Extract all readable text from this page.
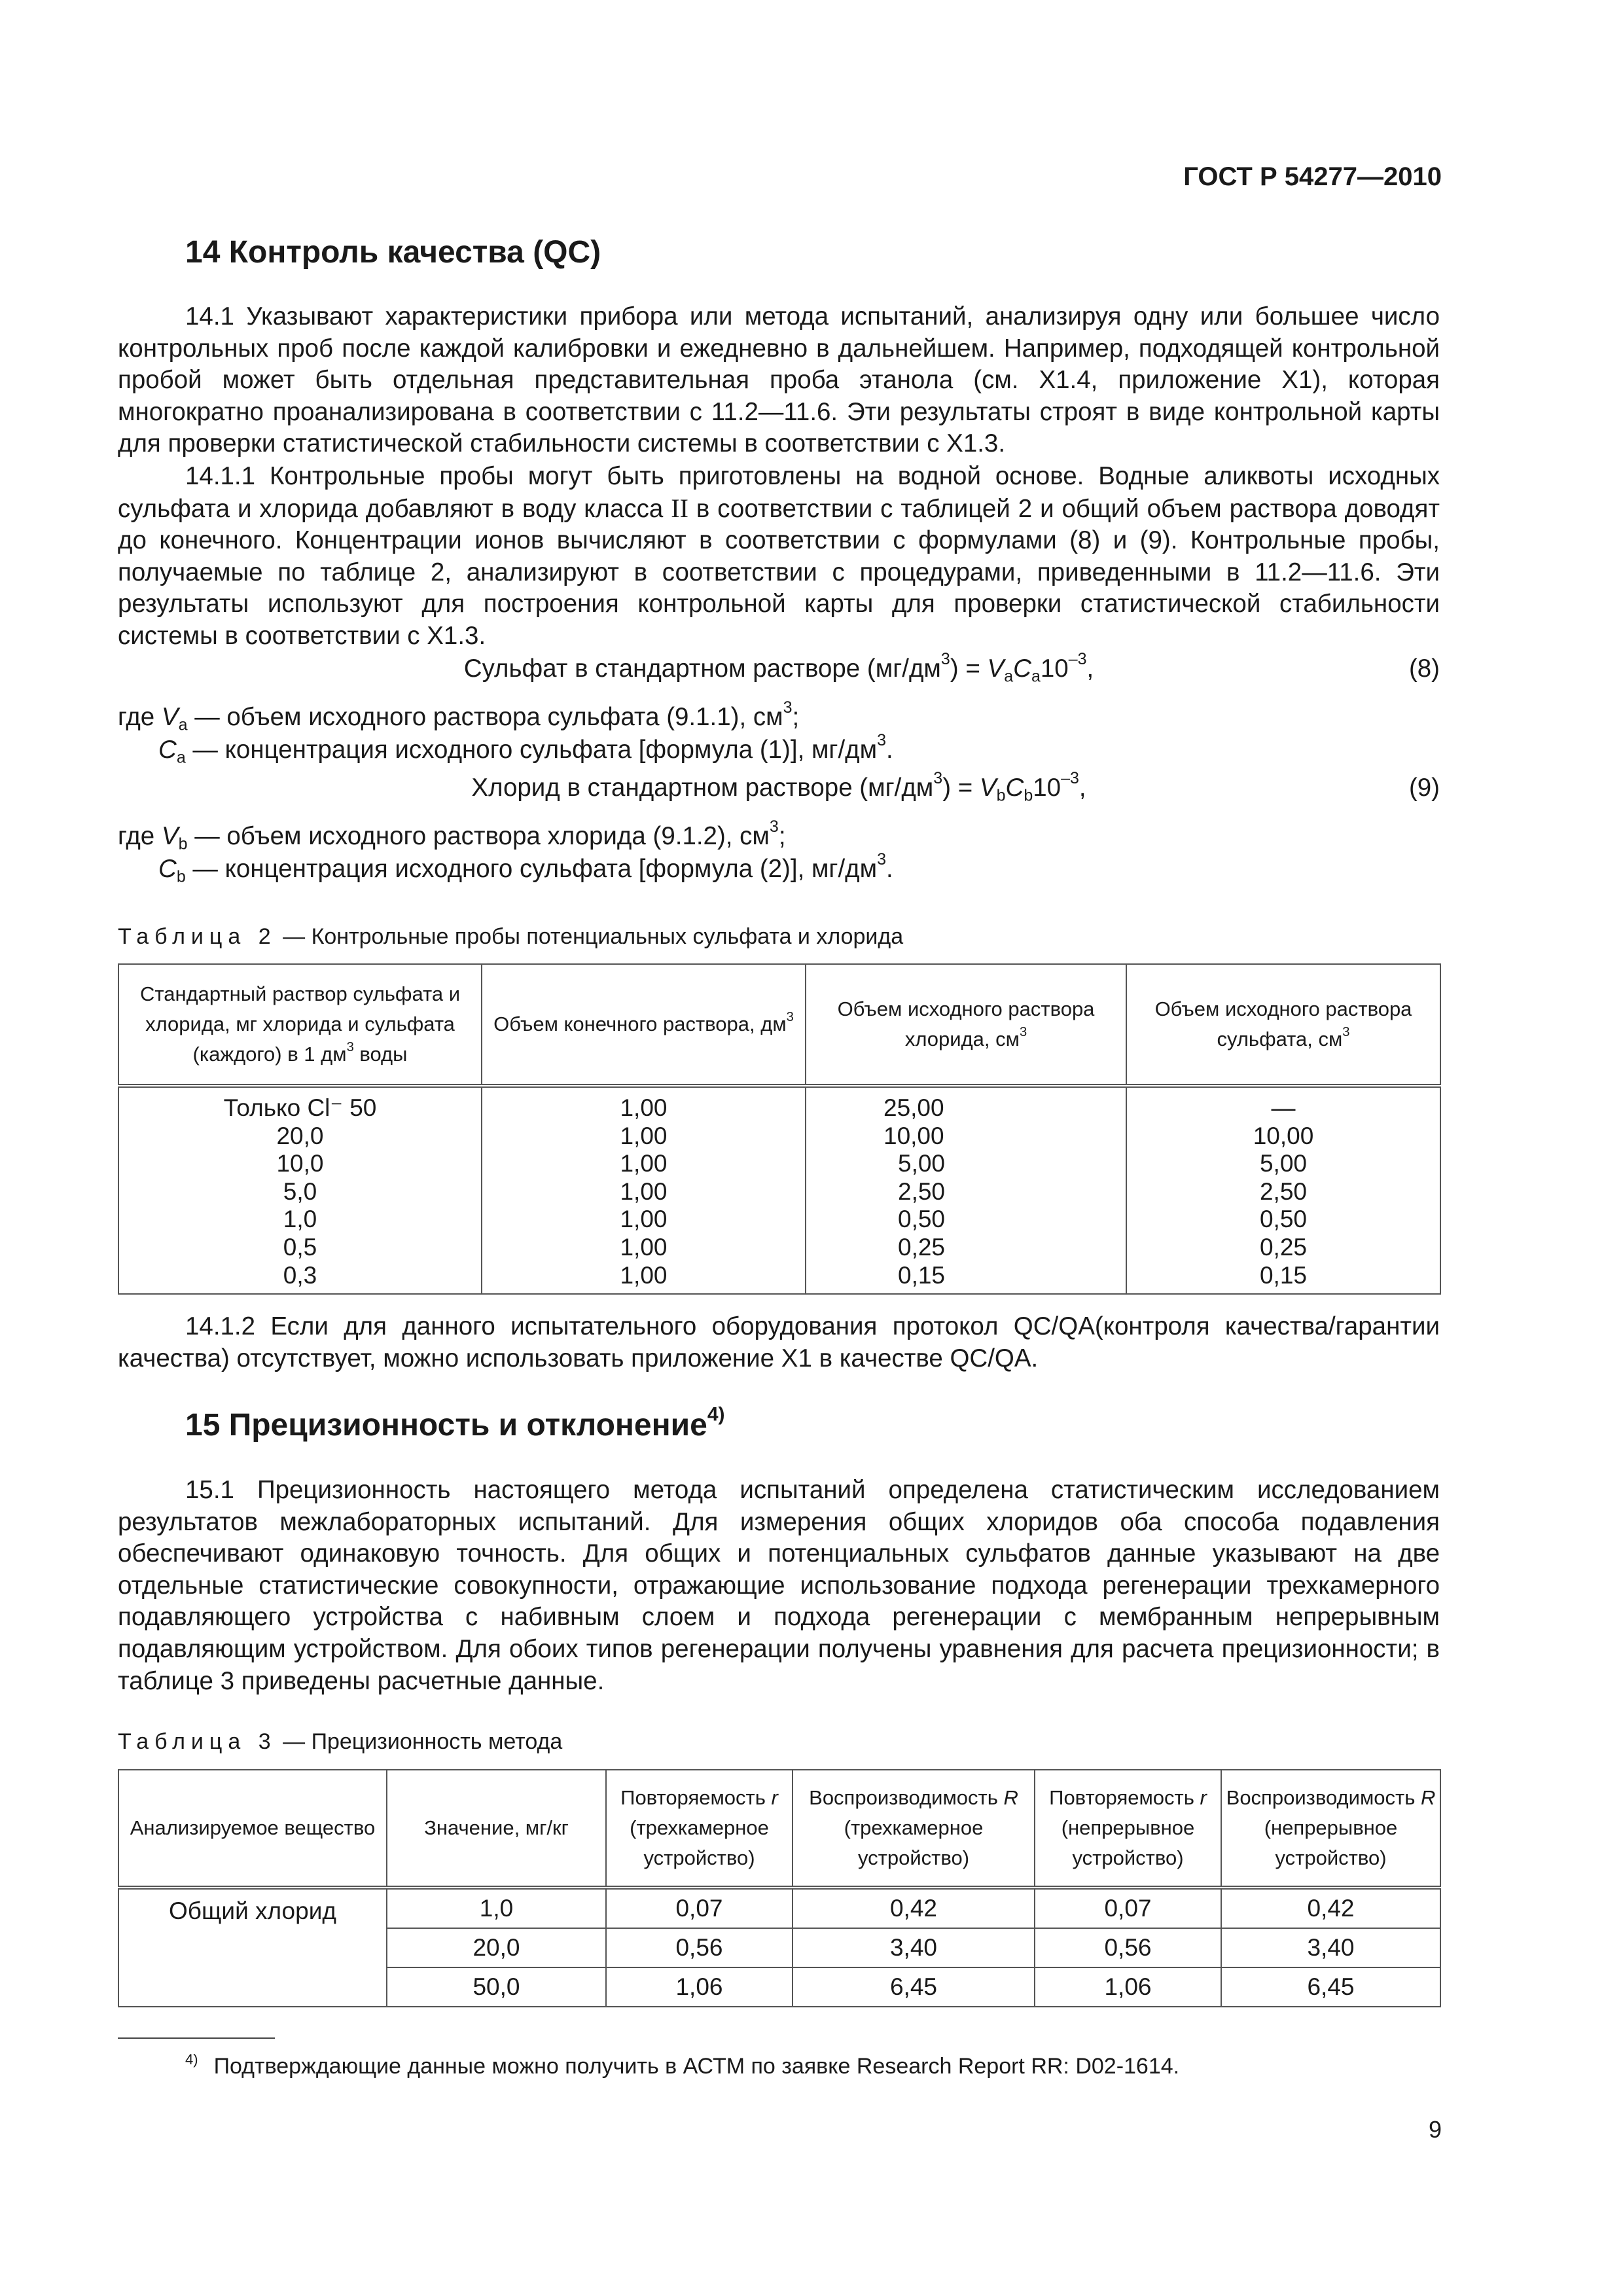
ГОСТ Р 54277—2010
14 Контроль качества (QC)

14.1 Указывают характеристики прибора или метода испытаний, анализируя одну или большее число контрольных проб после каждой калибровки и ежедневно в дальнейшем. Например, подходящей контрольной пробой может быть отдельная представительная проба этанола (см. X1.4, приложение X1), которая многократно проанализирована в соответствии с 11.2—11.6. Эти результаты строят в виде контрольной карты для проверки статистической стабильности системы в соответствии с X1.3.

14.1.1 Контрольные пробы могут быть приготовлены на водной основе. Водные аликвоты исходных сульфата и хлорида добавляют в воду класса II в соответствии с таблицей 2 и общий объем раствора доводят до конечного. Концентрации ионов вычисляют в соответствии с формулами (8) и (9). Контрольные пробы, получаемые по таблице 2, анализируют в соответствии с процедурами, приведенными в 11.2—11.6. Эти результаты используют для построения контрольной карты для проверки статистической стабильности системы в соответствии с X1.3.

Сульфат в стандартном растворе $(мг/дм^3) = V_aC_a10^{-3}$,	(8)
где $V_a$ — объем исходного раствора сульфата (9.1.1), $см^3$;
$C_a$ — концентрация исходного сульфата [формула (1)], $мг/дм^3$.
Хлорид в стандартном растворе $(мг/дм^3) = V_bC_b10^{-3}$,	(9)
где $V_b$ — объем исходного раствора хлорида (9.1.2), $см^3$;
$C_b$ — концентрация исходного сульфата [формула (2)], $мг/дм^3$.
Таблица 2 — Контрольные пробы потенциальных сульфата и хлорида
Стандартный раствор сульфата и хлорида, мг хлорида и сульфата (каждого) в 1 $дм^3$ воды	Объем конечного раствора, $дм^3$	Объем исходного раствора хлорида, $см^3$	Объем исходного раствора сульфата, $см^3$
Только Cl⁻ 50	1,00	25,00	—
20,0	1,00	10,00	10,00
10,0	1,00	5,00	5,00
5,0	1,00	2,50	2,50
1,0	1,00	0,50	0,50
0,5	1,00	0,25	0,25
0,3	1,00	0,15	0,15

14.1.2 Если для данного испытательного оборудования протокол QC/QA(контроля качества/гарантии качества) отсутствует, можно использовать приложение X1 в качестве QC/QA.

15 Прецизионность и отклонение$^{4)}$

15.1 Прецизионность настоящего метода испытаний определена статистическим исследованием результатов межлабораторных испытаний. Для измерения общих хлоридов оба способа подавления обеспечивают одинаковую точность. Для общих и потенциальных сульфатов данные указывают на две отдельные статистические совокупности, отражающие использование подхода регенерации трехкамерного подавляющего устройства с набивным слоем и подхода регенерации с мембранным непрерывным подавляющим устройством. Для обоих типов регенерации получены уравнения для расчета прецизионности; в таблице 3 приведены расчетные данные.

Таблица 3 — Прецизионность метода
Анализируемое вещество	Значение, мг/кг	Повторяемость r (трехкамерное устройство)	Воспроизводимость R (трехкамерное устройство)	Повторяемость r (непрерывное устройство)	Воспроизводимость R (непрерывное устройство)
Общий хлорид	1,0	0,07	0,42	0,07	0,42
	20,0	0,56	3,40	0,56	3,40
	50,0	1,06	6,45	1,06	6,45
$^{4)}$ Подтверждающие данные можно получить в АСТМ по заявке Research Report RR: D02-1614.
9
